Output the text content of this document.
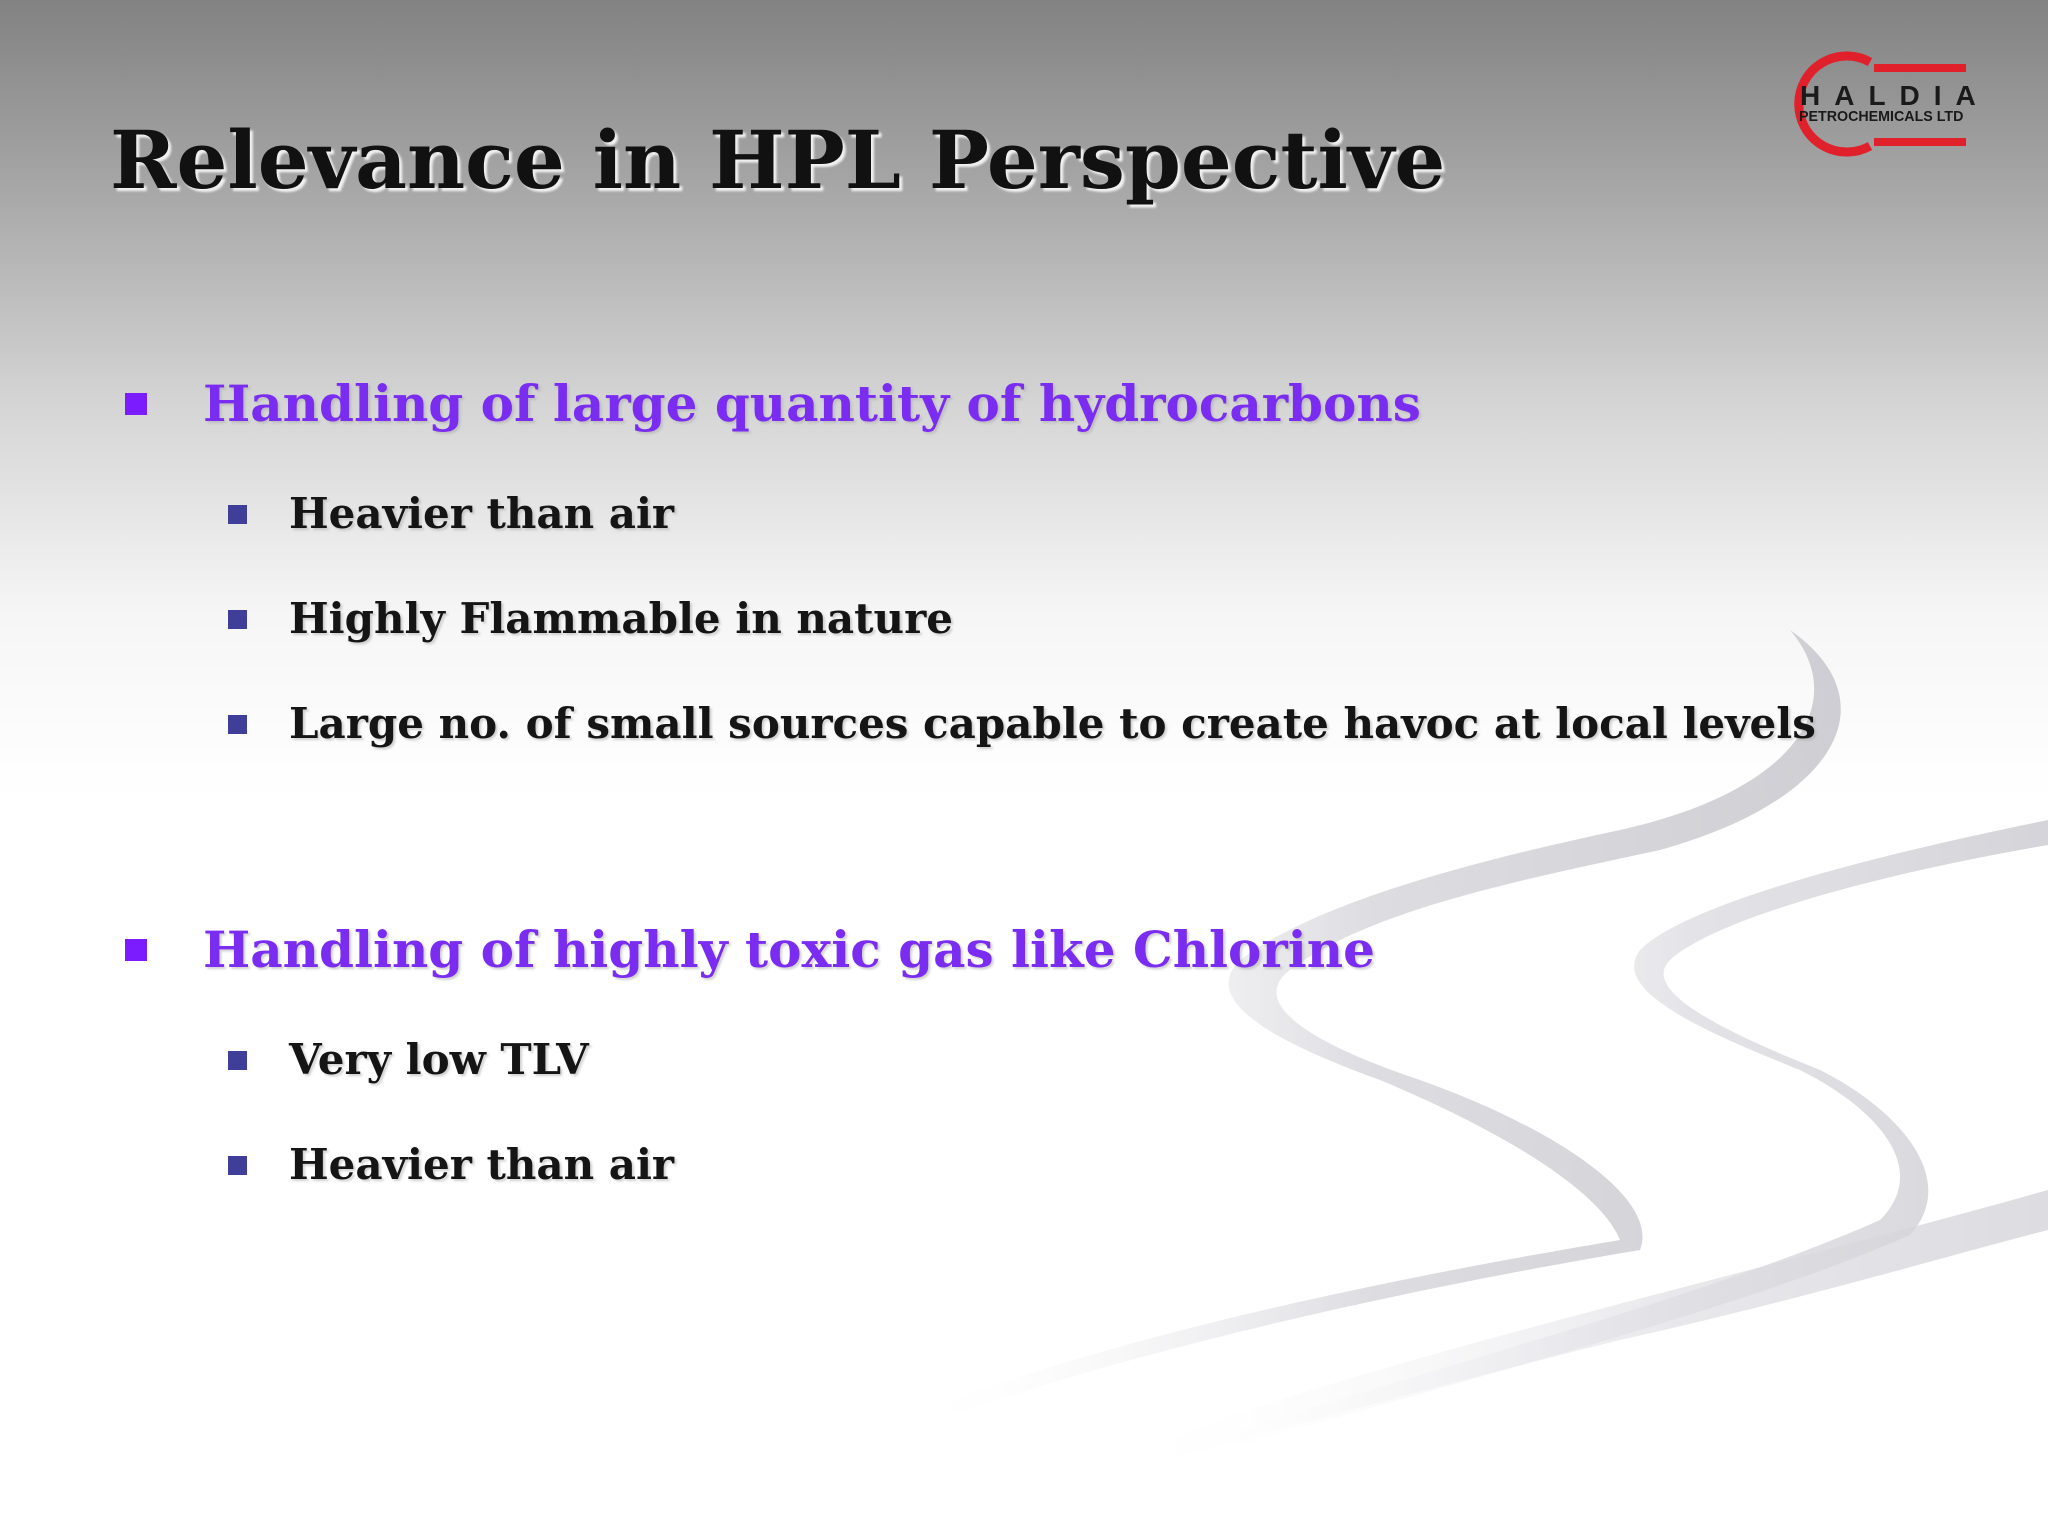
Relevance in HPL Perspective
HALDIA
PETROCHEMICALS LTD
Handling of large quantity of hydrocarbons
Heavier than air
Highly Flammable in nature
Large no. of small sources capable to create havoc at local levels
Handling of highly toxic gas like Chlorine
Very low TLV
Heavier than air
